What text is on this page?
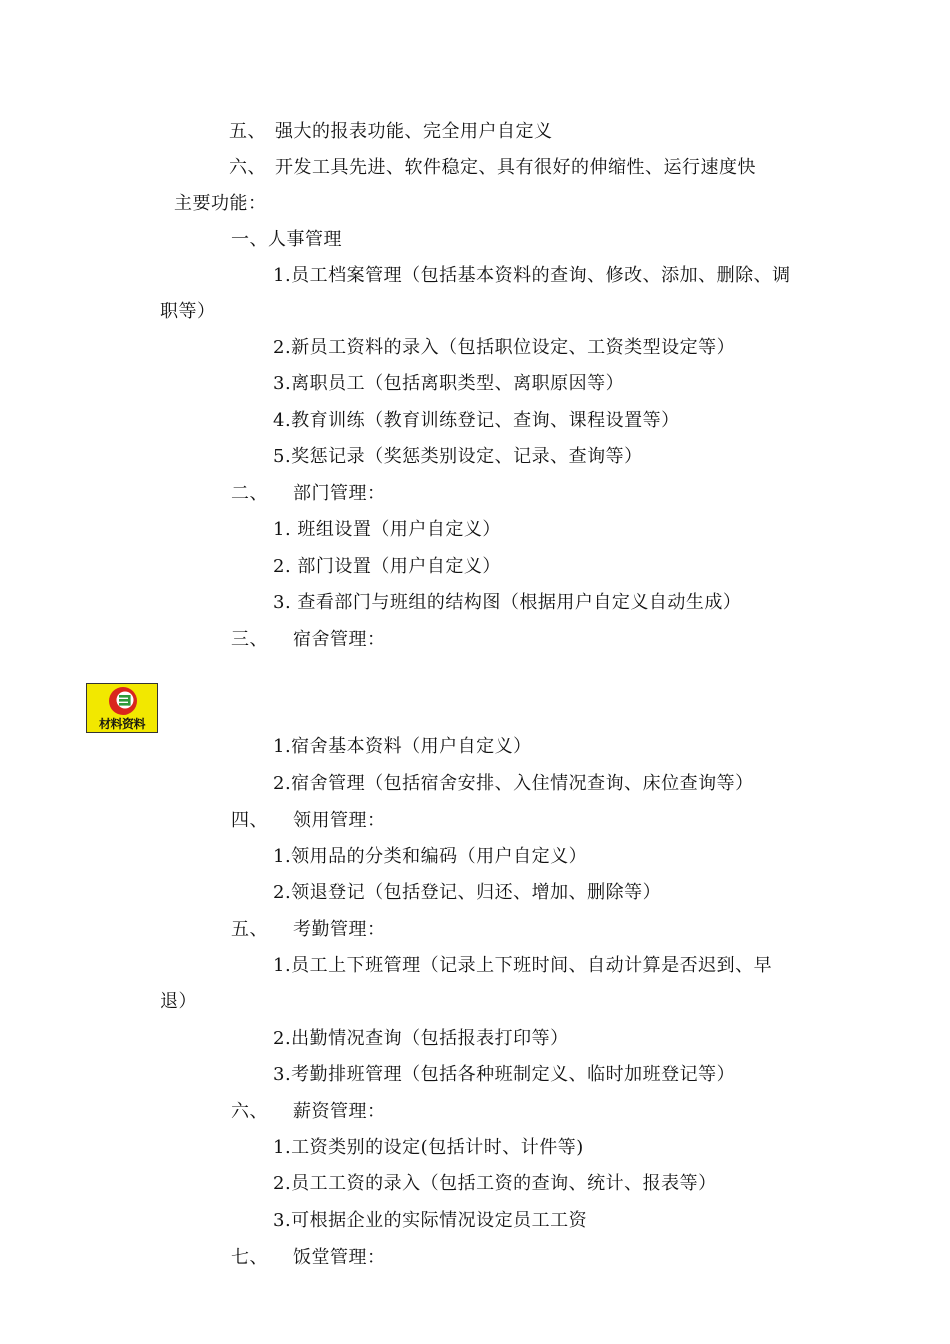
五、 强大的报表功能、完全用户自定义
六、 开发工具先进、软件稳定、具有很好的伸缩性、运行速度快
主要功能：
一、人事管理
1.员工档案管理（包括基本资料的查询、修改、添加、删除、调
职等）
2.新员工资料的录入（包括职位设定、工资类型设定等）
3.离职员工（包括离职类型、离职原因等）
4.教育训练（教育训练登记、查询、课程设置等）
5.奖惩记录（奖惩类别设定、记录、查询等）
二、 部门管理：
1. 班组设置（用户自定义）
2. 部门设置（用户自定义）
3. 查看部门与班组的结构图（根据用户自定义自动生成）
三、 宿舍管理：
材料资料
1.宿舍基本资料（用户自定义）
2.宿舍管理（包括宿舍安排、入住情况查询、床位查询等）
四、 领用管理：
1.领用品的分类和编码（用户自定义）
2.领退登记（包括登记、归还、增加、删除等）
五、 考勤管理：
1.员工上下班管理（记录上下班时间、自动计算是否迟到、早
退）
2.出勤情况查询（包括报表打印等）
3.考勤排班管理（包括各种班制定义、临时加班登记等）
六、 薪资管理：
1.工资类别的设定(包括计时、计件等)
2.员工工资的录入（包括工资的查询、统计、报表等）
3.可根据企业的实际情况设定员工工资
七、 饭堂管理：
